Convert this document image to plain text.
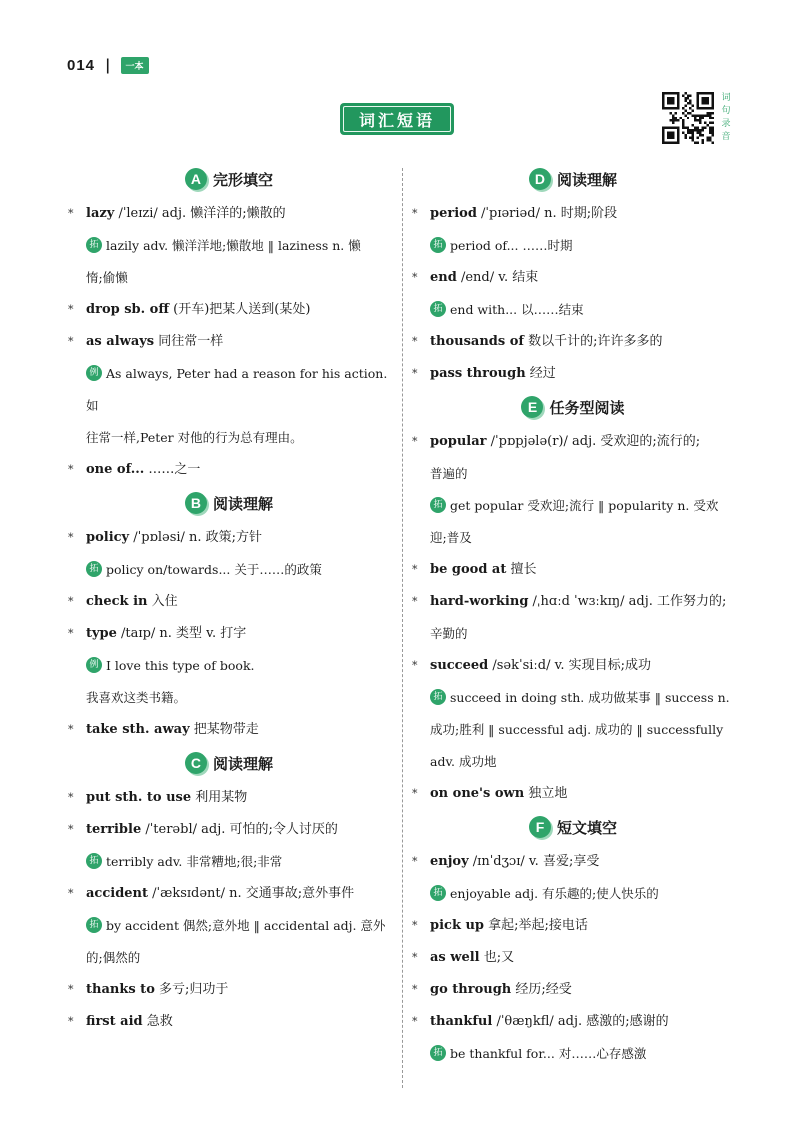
014 |	一本
词汇短语
词
句
录
音
A 完形填空
* lazy /ˈleɪzi/ adj. 懒洋洋的;懒散的
拓 lazily adv. 懒洋洋地;懒散地 ‖ laziness n. 懒
惰;偷懒
* drop sb. off (开车)把某人送到(某处)
* as always 同往常一样
例 As always, Peter had a reason for his action. 如
往常一样,Peter 对他的行为总有理由。
* one of... ……之一
B 阅读理解
* policy /ˈpɒləsi/ n. 政策;方针
拓 policy on/towards... 关于……的政策
* check in 入住
* type /taɪp/ n. 类型 v. 打字
例 I love this type of book.
我喜欢这类书籍。
* take sth. away 把某物带走
C 阅读理解
* put sth. to use 利用某物
* terrible /ˈterəbl/ adj. 可怕的;令人讨厌的
拓 terribly adv. 非常糟地;很;非常
* accident /ˈæksɪdənt/ n. 交通事故;意外事件
拓 by accident 偶然;意外地 ‖ accidental adj. 意外
的;偶然的
* thanks to 多亏;归功于
* first aid 急救
D 阅读理解
* period /ˈpɪəriəd/ n. 时期;阶段
拓 period of... ……时期
* end /end/ v. 结束
拓 end with... 以……结束
* thousands of 数以千计的;许许多多的
* pass through 经过
E 任务型阅读
* popular /ˈpɒpjələ(r)/ adj. 受欢迎的;流行的;
普遍的
拓 get popular 受欢迎;流行 ‖ popularity n. 受欢
迎;普及
* be good at 擅长
* hard-working /ˌhɑːd ˈwɜːkɪŋ/ adj. 工作努力的;
辛勤的
* succeed /səkˈsiːd/ v. 实现目标;成功
拓 succeed in doing sth. 成功做某事 ‖ success n.
成功;胜利 ‖ successful adj. 成功的 ‖ successfully
adv. 成功地
* on one's own 独立地
F 短文填空
* enjoy /ɪnˈdʒɔɪ/ v. 喜爱;享受
拓 enjoyable adj. 有乐趣的;使人快乐的
* pick up 拿起;举起;接电话
* as well 也;又
* go through 经历;经受
* thankful /ˈθæŋkfl/ adj. 感激的;感谢的
拓 be thankful for... 对……心存感激
